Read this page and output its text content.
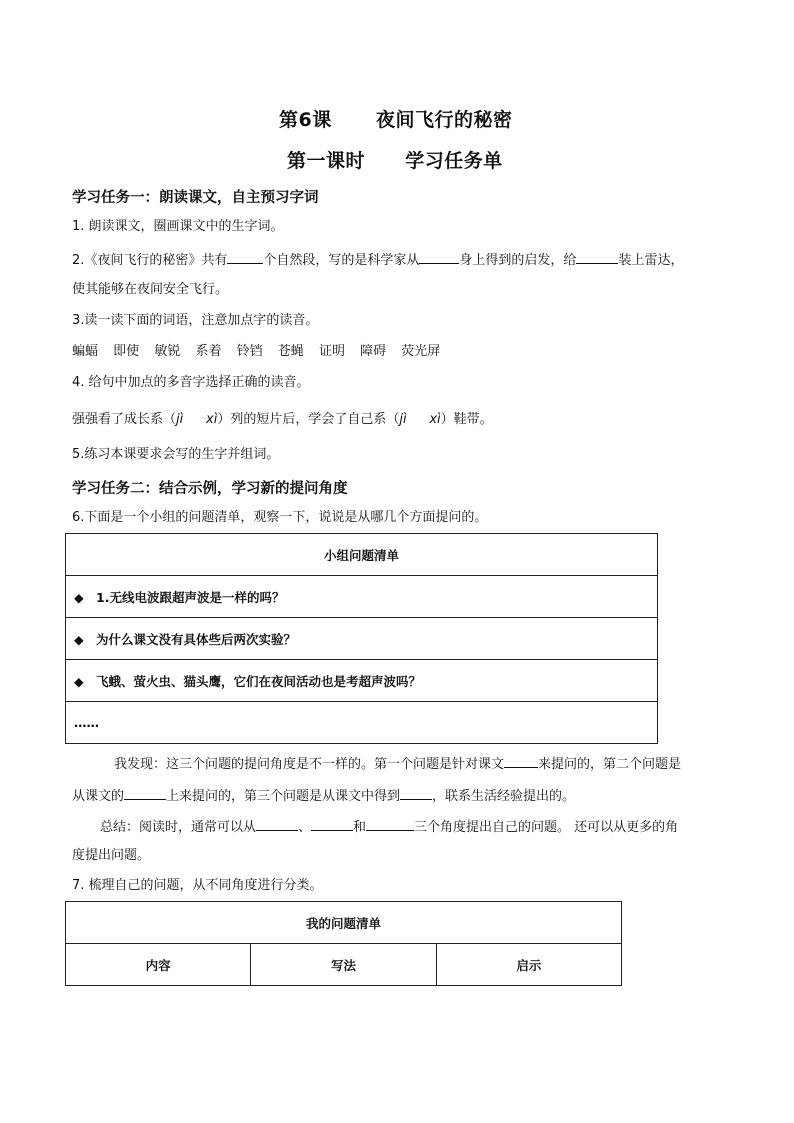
第6课 夜间飞行的秘密
第一课时 学习任务单
学习任务一：朗读课文，自主预习字词
1. 朗读课文，圈画课文中的生字词。
2.《夜间飞行的秘密》共有	个自然段，写的是科学家从	身上得到的启发，给	装上雷达，
使其能够在夜间安全飞行。
3.读一读下面的词语，注意加点字的读音。
蝙蝠 即使 敏锐 系着 铃铛 苍蝇 证明 障碍 荧光屏
4. 给句中加点的多音字选择正确的读音。
强强看了成长系（jì xì）列的短片后，学会了自己系（jì xì）鞋带。
5.练习本课要求会写的生字并组词。
学习任务二：结合示例，学习新的提问角度
6.下面是一个小组的问题清单，观察一下，说说是从哪几个方面提问的。
小组问题清单
◆ 1.无线电波跟超声波是一样的吗？
◆ 为什么课文没有具体些后两次实验？
◆ 飞蛾、萤火虫、猫头鹰，它们在夜间活动也是考超声波吗？
……
我发现：这三个问题的提问角度是不一样的。第一个问题是针对课文	来提问的，第二个问题是
从课文的	上来提问的，第三个问题是从课文中得到 ，联系生活经验提出的。
总结：阅读时，通常可以从	、	和	三个角度提出自己的问题。 还可以从更多的角
度提出问题。
7. 梳理自己的问题，从不同角度进行分类。
我的问题清单
内容	写法	启示
